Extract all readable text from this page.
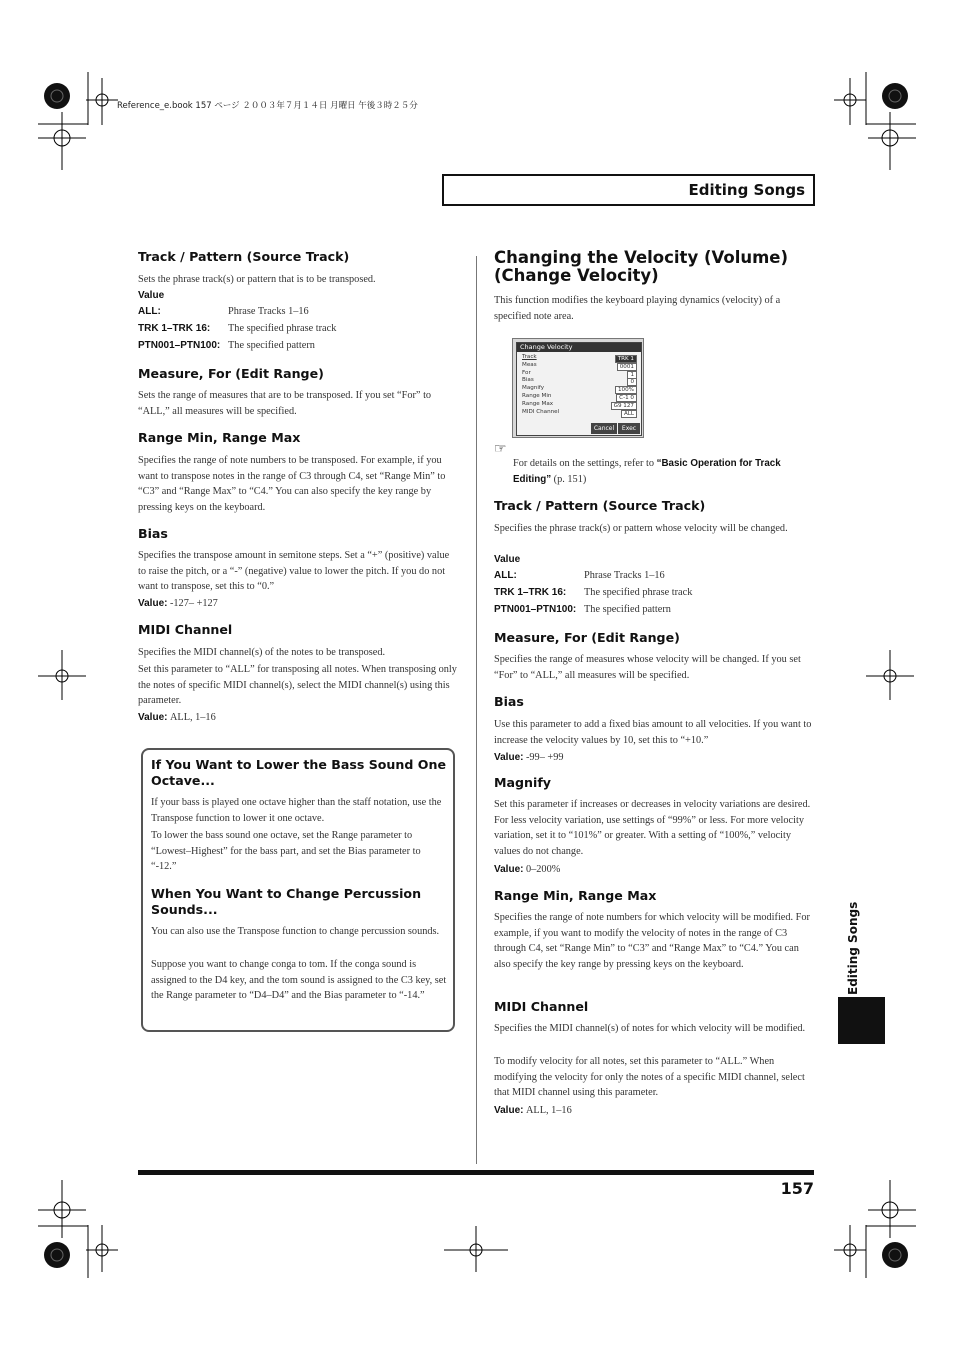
Reference_e.book 157 ページ ２００３年７月１４日 月曜日 午後３時２５分
Editing Songs
Track / Pattern (Source Track)

Sets the phrase track(s) or pattern that is to be transposed.

Value
ALL:	Phrase Tracks 1–16
TRK 1–TRK 16: The specified phrase track
PTN001–PTN100: The specified pattern
Measure, For (Edit Range)

Sets the range of measures that are to be transposed. If you set “For” to “ALL,” all measures will be specified.

Range Min, Range Max

Specifies the range of note numbers to be transposed. For example, if you want to transpose notes in the range of C3 through C4, set “Range Min” to “C3” and “Range Max” to “C4.” You can also specify the key range by pressing keys on the keyboard.

Bias

Specifies the transpose amount in semitone steps. Set a “+” (positive) value to raise the pitch, or a “-” (negative) value to lower the pitch. If you do not want to transpose, set this to “0.”

Value: -127– +127
MIDI Channel

Specifies the MIDI channel(s) of the notes to be transposed.

Set this parameter to “ALL” for transposing all notes. When transposing only the notes of specific MIDI channel(s), select the MIDI channel(s) using this parameter.

Value: ALL, 1–16
If You Want to Lower the Bass Sound One Octave...

If your bass is played one octave higher than the staff notation, use the Transpose function to lower it one octave.

To lower the bass sound one octave, set the Range parameter to “Lowest–Highest” for the bass part, and set the Bias parameter to “-12.”

When You Want to Change Percussion Sounds...

You can also use the Transpose function to change percussion sounds.

Suppose you want to change conga to tom. If the conga sound is assigned to the D4 key, and the tom sound is assigned to the C3 key, set the Range parameter to “D4–D4” and the Bias parameter to “-14.”

Changing the Velocity (Volume) (Change Velocity)

This function modifies the keyboard playing dynamics (velocity) of a specified note area.

Change Velocity
Track	TRK 1
Meas	0001
For	1
Bias	0
Magnify	100%
Range Min	C-1 0
Range Max	G9 127
MIDI Channel	ALL
Cancel	Exec
☞

For details on the settings, refer to “Basic Operation for Track Editing” (p. 151)

Track / Pattern (Source Track)

Specifies the phrase track(s) or pattern whose velocity will be changed.

Value
ALL:	Phrase Tracks 1–16
TRK 1–TRK 16: The specified phrase track
PTN001–PTN100: The specified pattern
Measure, For (Edit Range)

Specifies the range of measures whose velocity will be changed. If you set “For” to “ALL,” all measures will be specified.

Bias

Use this parameter to add a fixed bias amount to all velocities. If you want to increase the velocity values by 10, set this to “+10.”

Value: -99– +99
Magnify

Set this parameter if increases or decreases in velocity variations are desired. For less velocity variation, use settings of “99%” or less. For more velocity variation, set it to “101%” or greater. With a setting of “100%,” velocity values do not change.

Value: 0–200%
Range Min, Range Max

Specifies the range of note numbers for which velocity will be modified. For example, if you want to modify the velocity of notes in the range of C3 through C4, set “Range Min” to “C3” and “Range Max” to “C4.” You can also specify the key range by pressing keys on the keyboard.

MIDI Channel

Specifies the MIDI channel(s) of notes for which velocity will be modified.

To modify velocity for all notes, set this parameter to “ALL.” When modifying the velocity for only the notes of a specific MIDI channel, select that MIDI channel using this parameter.

Value: ALL, 1–16
Editing Songs
157
